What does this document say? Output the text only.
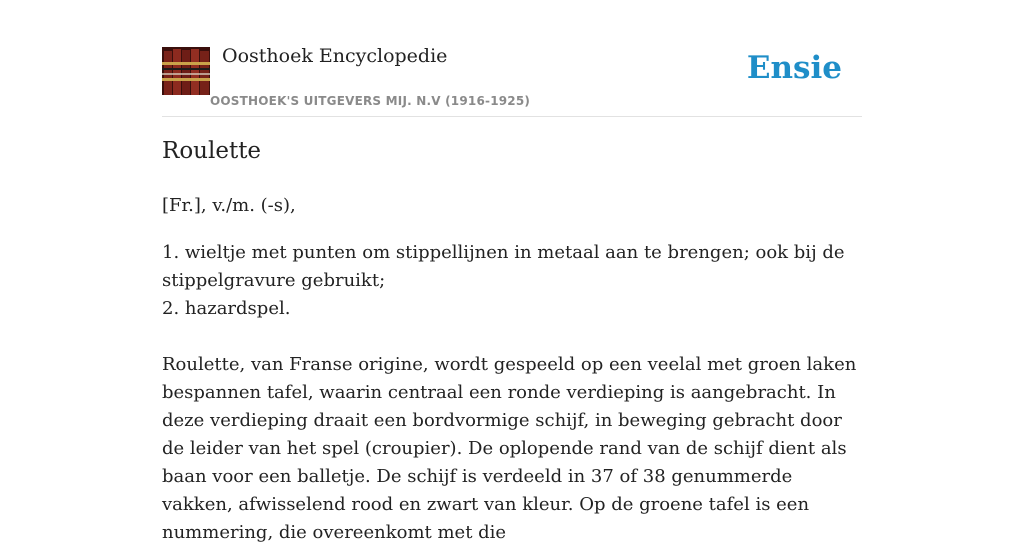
Oosthoek Encyclopedie
OOSTHOEK'S UITGEVERS MIJ. N.V (1916-1925)
Ensie
Roulette

[Fr.], v./m. (-s),

1. wieltje met punten om stippellijnen in metaal aan te brengen; ook bij de stippelgravure gebruikt;
2. hazardspel.

Roulette, van Franse origine, wordt gespeeld op een veelal met groen laken bespannen tafel, waarin centraal een ronde verdieping is aangebracht. In deze verdieping draait een bordvormige schijf, in beweging gebracht door de leider van het spel (croupier). De oplopende rand van de schijf dient als baan voor een balletje. De schijf is verdeeld in 37 of 38 genummerde vakken, afwisselend rood en zwart van kleur. Op de groene tafel is een nummering, die overeenkomt met die
